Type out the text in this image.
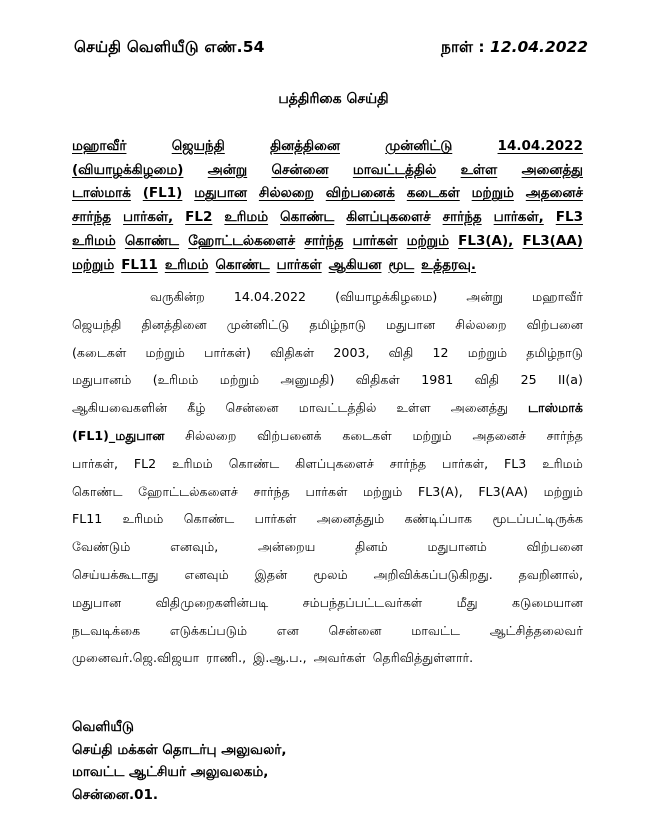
செய்தி வெளியீடு எண்.54	நாள் : 12.04.2022
பத்திரிகை செய்தி
மஹாவீர்	ஜெயந்தி	தினத்தினை	முன்னிட்டு	14.04.2022
(வியாழக்கிழமை) அன்று சென்னை மாவட்டத்தில் உள்ள அனைத்து
டாஸ்மாக் (FL1) மதுபான சில்லறை விற்பனைக் கடைகள் மற்றும் அதனைச்
சார்ந்த பார்கள், FL2 உரிமம் கொண்ட கிளப்புகளைச் சார்ந்த பார்கள், FL3
உரிமம் கொண்ட ஹோட்டல்களைச் சார்ந்த பார்கள் மற்றும் FL3(A), FL3(AA)
மற்றும் FL11 உரிமம் கொண்ட பார்கள் ஆகியன மூட உத்தரவு.
வருகின்ற 14.04.2022 (வியாழக்கிழமை) அன்று மஹாவீர்
ஜெயந்தி தினத்தினை முன்னிட்டு தமிழ்நாடு மதுபான சில்லறை விற்பனை
(கடைகள் மற்றும் பார்கள்) விதிகள் 2003, விதி 12 மற்றும் தமிழ்நாடு
மதுபானம் (உரிமம் மற்றும் அனுமதி) விதிகள் 1981 விதி 25 II(a)
ஆகியவைகளின் கீழ் சென்னை மாவட்டத்தில் உள்ள அனைத்து டாஸ்மாக்
(FL1)_மதுபான சில்லறை விற்பனைக் கடைகள் மற்றும் அதனைச் சார்ந்த
பார்கள், FL2 உரிமம் கொண்ட கிளப்புகளைச் சார்ந்த பார்கள், FL3 உரிமம்
கொண்ட ஹோட்டல்களைச் சார்ந்த பார்கள் மற்றும் FL3(A), FL3(AA) மற்றும்
FL11 உரிமம் கொண்ட பார்கள் அனைத்தும் கண்டிப்பாக மூடப்பட்டிருக்க
வேண்டும்	எனவும்,	அன்றைய	தினம்	மதுபானம்	விற்பனை
செய்யக்கூடாது எனவும் இதன் மூலம் அறிவிக்கப்படுகிறது. தவறினால்,
மதுபான	விதிமுறைகளின்படி	சம்பந்தப்பட்டவர்கள்	மீது	கடுமையான
நடவடிக்கை எடுக்கப்படும் என சென்னை மாவட்ட ஆட்சித்தலைவர்
முனைவர்.ஜெ.விஜயா ராணி., இ.ஆ.ப., அவர்கள் தெரிவித்துள்ளார்.
வெளியீடு
செய்தி மக்கள் தொடர்பு அலுவலர்,
மாவட்ட ஆட்சியர் அலுவலகம்,
சென்னை.01.
